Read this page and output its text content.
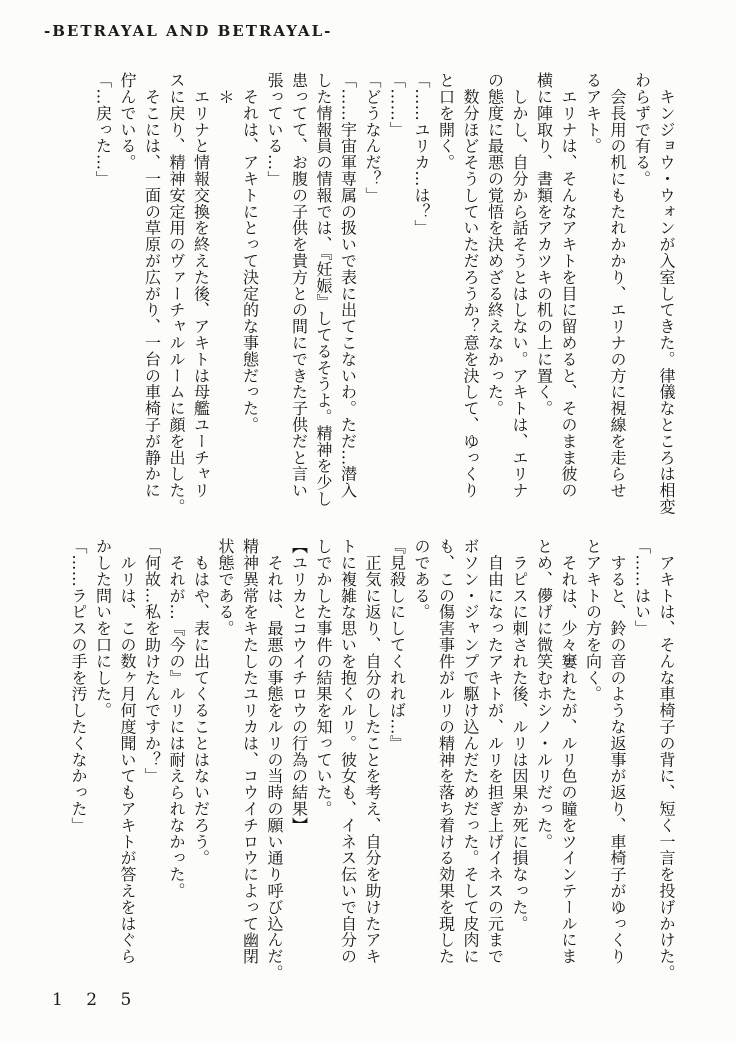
-BETRAYAL AND BETRAYAL-
　キンジョウ・ウォンが入室してきた。律儀なところは相変
わらずで有る。
　会長用の机にもたれかかり、エリナの方に視線を走らせ
るアキト。
　エリナは、そんなアキトを目に留めると、そのまま彼の
横に陣取り、書類をアカツキの机の上に置く。
　しかし、自分から話そうとはしない。アキトは、エリナ
の態度に最悪の覚悟を決めざる終えなかった。
　数分ほどそうしていただろうか？意を決して、ゆっくり
と口を開く。
「……ユリカ…は？」
「……」
「どうなんだ？」
「……宇宙軍専属の扱いで表に出てこないわ。ただ…潜入
した情報員の情報では、『妊娠』してるそうよ。精神を少し
患ってて、お腹の子供を貴方との間にできた子供だと言い
張っている…」
　それは、アキトにとって決定的な事態だった。
　＊
　エリナと情報交換を終えた後、アキトは母艦ユーチャリ
スに戻り、精神安定用のヴァーチャルルームに顔を出した。
　そこには、一面の草原が広がり、一台の車椅子が静かに
佇んでいる。
「…戻った…」
　アキトは、そんな車椅子の背に、短く一言を投げかけた。
「……はい」
　すると、鈴の音のような返事が返り、車椅子がゆっくり
とアキトの方を向く。
　それは、少々窶れたが、ルリ色の瞳をツインテールにま
とめ、儚げに微笑むホシノ・ルリだった。
　ラピスに刺された後、ルリは因果か死に損なった。
　自由になったアキトが、ルリを担ぎ上げイネスの元まで
ボソン・ジャンプで駆け込んだためだった。そして皮肉に
も、この傷害事件がルリの精神を落ち着ける効果を現した
のである。
『見殺しにしてくれれば…』
　正気に返り、自分のしたことを考え、自分を助けたアキ
トに複雑な思いを抱くルリ。彼女も、イネス伝いで自分の
しでかした事件の結果を知っていた。
【ユリカとコウイチロウの行為の結果】
　それは、最悪の事態をルリの当時の願い通り呼び込んだ。
精神異常をキたしたユリカは、コウイチロウによって幽閉
状態である。
　もはや、表に出てくることはないだろう。
　それが…『今の』ルリには耐えられなかった。
「何故…私を助けたんですか？」
　ルリは、この数ヶ月何度聞いてもアキトが答えをはぐら
かした問いを口にした。
「……ラピスの手を汚したくなかった」
1 2 5
